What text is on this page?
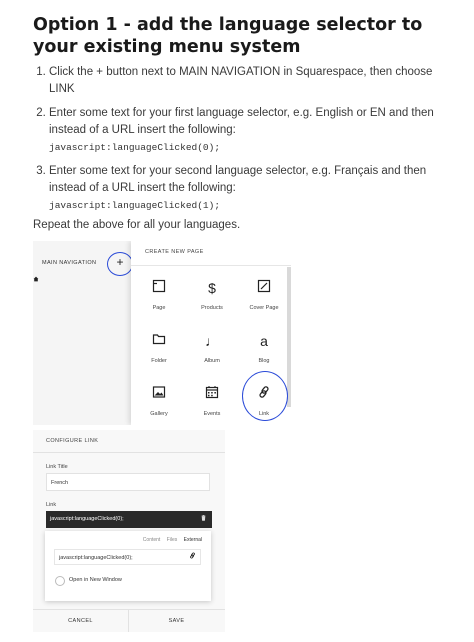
Option 1 - add the language selector to your existing menu system
1. Click the + button next to MAIN NAVIGATION in Squarespace, then choose LINK
2. Enter some text for your first language selector, e.g. English or EN and then instead of a URL insert the following:
javascript:languageClicked(0);
3. Enter some text for your second language selector, e.g. Français and then instead of a URL insert the following:
javascript:languageClicked(1);

Repeat the above for all your languages.

MAIN NAVIGATION	+
CREATE NEW PAGE
Page
$
Products	Cover Page
Folder
♩
Album
a
Blog
Gallery	Events	Link
CONFIGURE LINK
Link Title
French
Link
javascript:languageClicked(0);
Content Files External
javascript:languageClicked(0);
Open in New Window
CANCEL	SAVE
